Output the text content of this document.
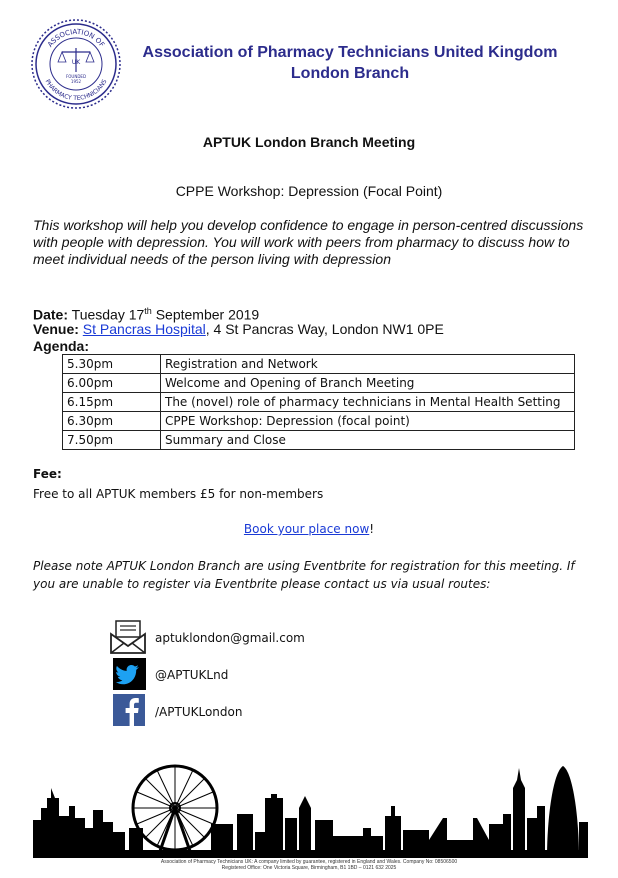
ASSOCIATION OF
PHARMACY TECHNICIANS
UK
FOUNDED
1952
Association of Pharmacy Technicians United Kingdom
London Branch
APTUK London Branch Meeting
CPPE Workshop: Depression (Focal Point)
This workshop will help you develop confidence to engage in person-centred discussions with people with depression. You will work with peers from pharmacy to discuss how to meet individual needs of the person living with depression
Date: Tuesday 17th September 2019
Venue: St Pancras Hospital, 4 St Pancras Way, London NW1 0PE
Agenda:
5.30pm	Registration and Network
6.00pm	Welcome and Opening of Branch Meeting
6.15pm	The (novel) role of pharmacy technicians in Mental Health Setting
6.30pm	CPPE Workshop: Depression (focal point)
7.50pm	Summary and Close
Fee:
Free to all APTUK members £5 for non-members
Book your place now!
Please note APTUK London Branch are using Eventbrite for registration for this meeting. If you are unable to register via Eventbrite please contact us via usual routes:
aptuklondon@gmail.com
@APTUKLnd
/APTUKLondon
Association of Pharmacy Technicians UK: A company limited by guarantee, registered in England and Wales. Company No: 08506500
Registered Office: One Victoria Square, Birmingham, B1 1BD – 0121 632 2025
